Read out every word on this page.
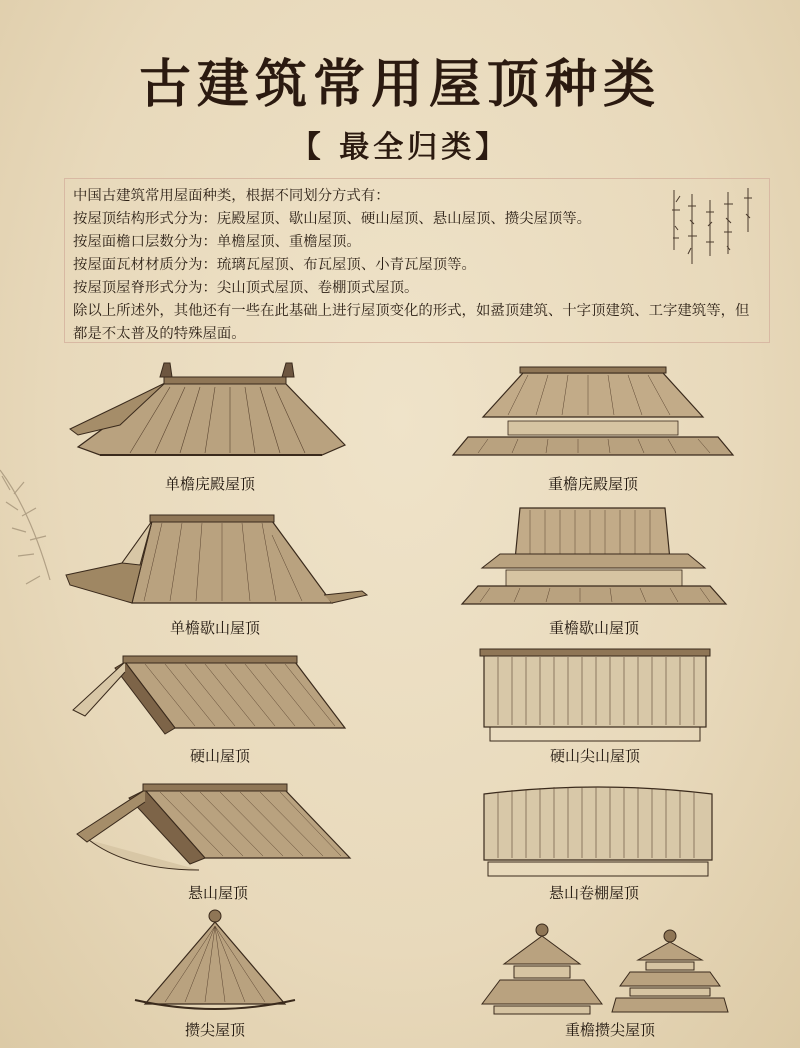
古建筑常用屋顶种类
【 最全归类】

中国古建筑常用屋面种类，根据不同划分方式有：

按屋顶结构形式分为：庑殿屋顶、歇山屋顶、硬山屋顶、悬山屋顶、攒尖屋顶等。

按屋面檐口层数分为：单檐屋顶、重檐屋顶。

按屋面瓦材材质分为：琉璃瓦屋顶、布瓦屋顶、小青瓦屋顶等。

按屋顶屋脊形式分为：尖山顶式屋顶、卷棚顶式屋顶。

除以上所述外，其他还有一些在此基础上进行屋顶变化的形式，如盝顶建筑、十字顶建筑、工字建筑等，但都是不太普及的特殊屋面。

单檐庑殿屋顶	重檐庑殿屋顶
单檐歇山屋顶	重檐歇山屋顶
硬山屋顶	硬山尖山屋顶
悬山屋顶	悬山卷棚屋顶
攒尖屋顶	重檐攒尖屋顶
